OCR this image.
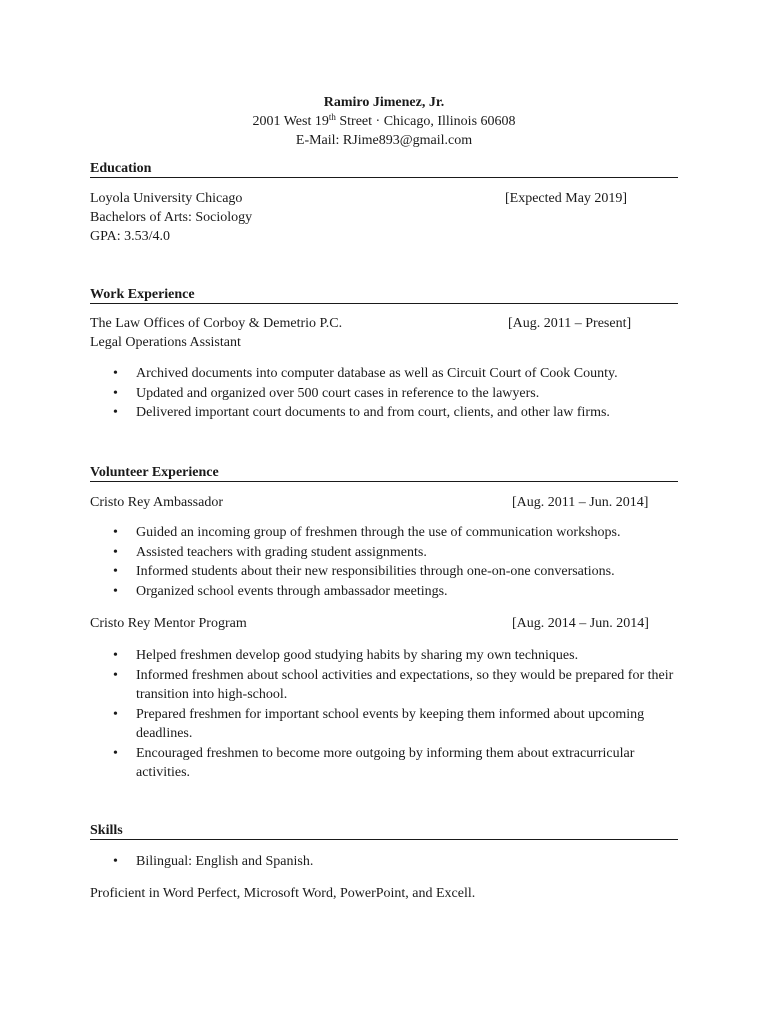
Ramiro Jimenez, Jr.
2001 West 19th Street · Chicago, Illinois 60608
E-Mail: RJime893@gmail.com
Education
Loyola University Chicago	[Expected May 2019]
Bachelors of Arts: Sociology
GPA: 3.53/4.0
Work Experience
The Law Offices of Corboy & Demetrio P.C.	[Aug. 2011 – Present]
Legal Operations Assistant
• Archived documents into computer database as well as Circuit Court of Cook County.
• Updated and organized over 500 court cases in reference to the lawyers.
• Delivered important court documents to and from court, clients, and other law firms.
Volunteer Experience
Cristo Rey Ambassador	[Aug. 2011 – Jun. 2014]
• Guided an incoming group of freshmen through the use of communication workshops.
• Assisted teachers with grading student assignments.
• Informed students about their new responsibilities through one-on-one conversations.
• Organized school events through ambassador meetings.
Cristo Rey Mentor Program	[Aug. 2014 – Jun. 2014]
• Helped freshmen develop good studying habits by sharing my own techniques.
• Informed freshmen about school activities and expectations, so they would be prepared for their transition into high-school.
• Prepared freshmen for important school events by keeping them informed about upcoming deadlines.
• Encouraged freshmen to become more outgoing by informing them about extracurricular activities.
Skills
• Bilingual: English and Spanish.
Proficient in Word Perfect, Microsoft Word, PowerPoint, and Excell.
